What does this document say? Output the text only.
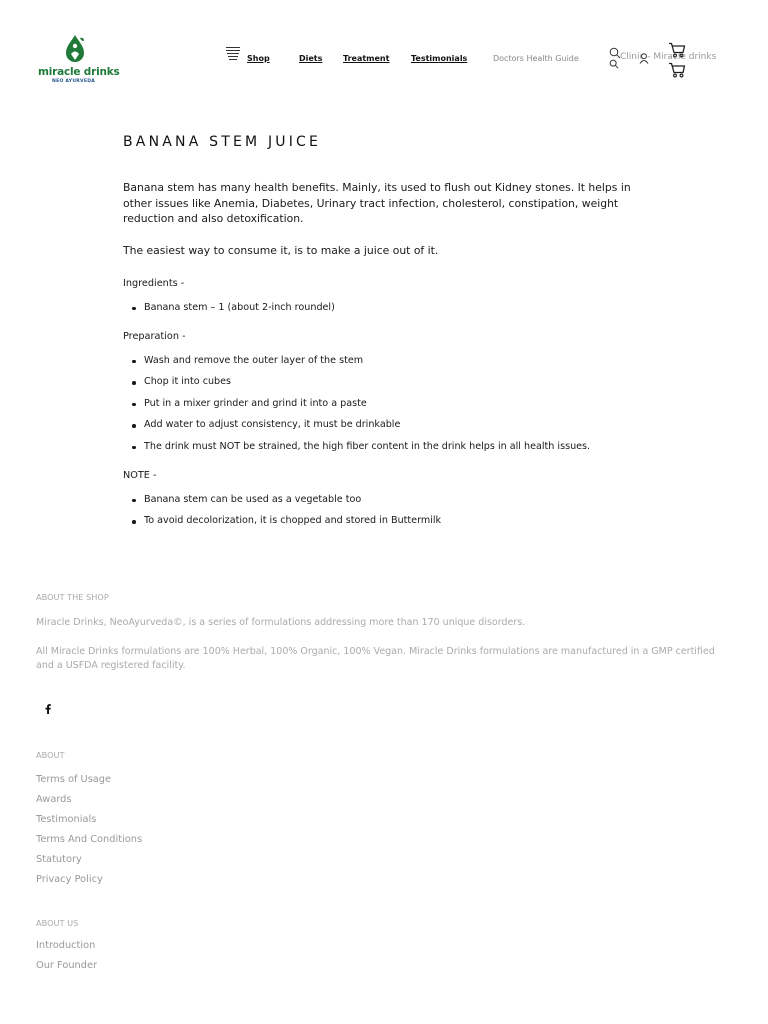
miracle drinks
NEO AYURVEDA
Shop	Diets	Treatment	Testimonials	Doctors Health Guide	Clinic - Miracle drinks
BANANA STEM JUICE

Banana stem has many health benefits. Mainly, its used to flush out Kidney stones. It helps in other issues like Anemia, Diabetes, Urinary tract infection, cholesterol, constipation, weight reduction and also detoxification.

The easiest way to consume it, is to make a juice out of it.

Ingredients -

Banana stem – 1 (about 2-inch roundel)

Preparation -

Wash and remove the outer layer of the stem
Chop it into cubes
Put in a mixer grinder and grind it into a paste
Add water to adjust consistency, it must be drinkable
The drink must NOT be strained, the high fiber content in the drink helps in all health issues.

NOTE -

Banana stem can be used as a vegetable too
To avoid decolorization, it is chopped and stored in Buttermilk
ABOUT THE SHOP

Miracle Drinks, NeoAyurveda©, is a series of formulations addressing more than 170 unique disorders.

All Miracle Drinks formulations are 100% Herbal, 100% Organic, 100% Vegan. Miracle Drinks formulations are manufactured in a GMP certified and a USFDA registered facility.

ABOUT
Terms of Usage
Awards
Testimonials
Terms And Conditions
Statutory
Privacy Policy
ABOUT US
Introduction
Our Founder
